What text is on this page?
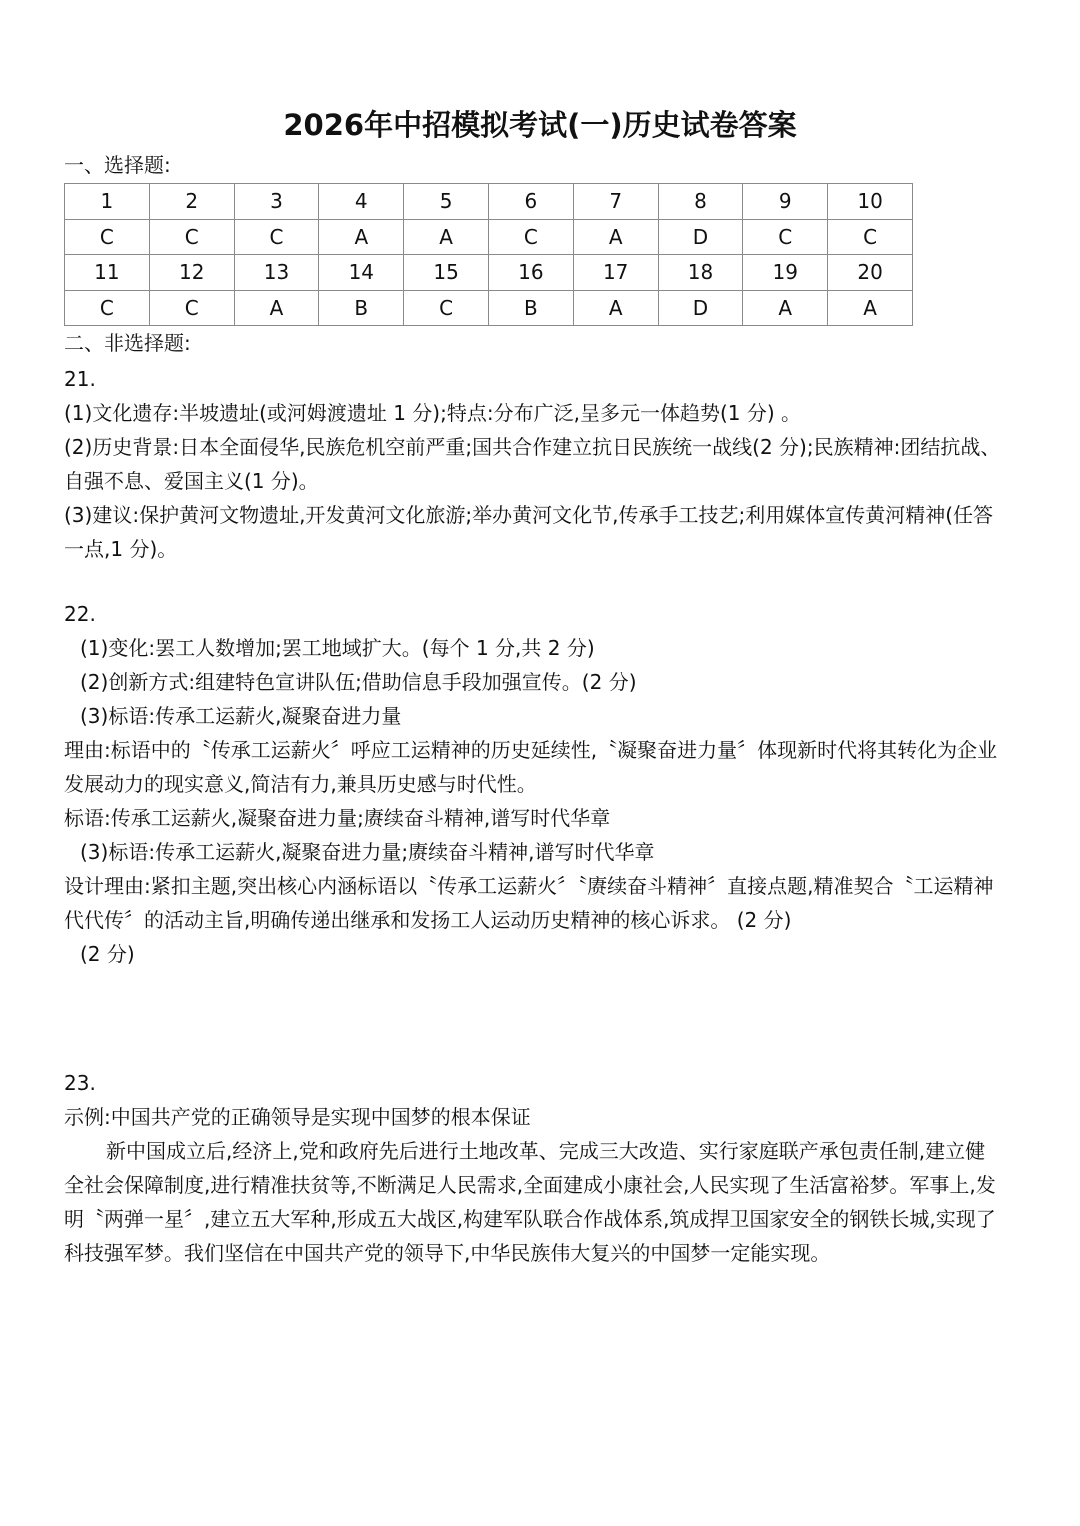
2026年中招模拟考试(一)历史试卷答案
一、选择题:
1	2	3	4	5	6	7	8	9	10
C	C	C	A	A	C	A	D	C	C
11	12	13	14	15	16	17	18	19	20
C	C	A	B	C	B	A	D	A	A
二、非选择题:

21.

(1)文化遗存:半坡遗址(或河姆渡遗址 1 分);特点:分布广泛,呈多元一体趋势(1 分) 。

(2)历史背景:日本全面侵华,民族危机空前严重;国共合作建立抗日民族统一战线(2 分);民族精神:团结抗战、自强不息、爱国主义(1 分)。

(3)建议:保护黄河文物遗址,开发黄河文化旅游;举办黄河文化节,传承手工技艺;利用媒体宣传黄河精神(任答一点,1 分)。

22.

(1)变化:罢工人数增加;罢工地域扩大。(每个 1 分,共 2 分)

(2)创新方式:组建特色宣讲队伍;借助信息手段加强宣传。(2 分)

(3)标语:传承工运薪火,凝聚奋进力量

理由:标语中的〝传承工运薪火〞呼应工运精神的历史延续性,〝凝聚奋进力量〞体现新时代将其转化为企业发展动力的现实意义,简洁有力,兼具历史感与时代性。

标语:传承工运薪火,凝聚奋进力量;赓续奋斗精神,谱写时代华章

(3)标语:传承工运薪火,凝聚奋进力量;赓续奋斗精神,谱写时代华章

设计理由:紧扣主题,突出核心内涵标语以〝传承工运薪火〞〝赓续奋斗精神〞直接点题,精准契合〝工运精神代代传〞的活动主旨,明确传递出继承和发扬工人运动历史精神的核心诉求。 (2 分)

(2 分)

23.

示例:中国共产党的正确领导是实现中国梦的根本保证

新中国成立后,经济上,党和政府先后进行土地改革、完成三大改造、实行家庭联产承包责任制,建立健全社会保障制度,进行精准扶贫等,不断满足人民需求,全面建成小康社会,人民实现了生活富裕梦。军事上,发明〝两弹一星〞,建立五大军种,形成五大战区,构建军队联合作战体系,筑成捍卫国家安全的钢铁长城,实现了科技强军梦。我们坚信在中国共产党的领导下,中华民族伟大复兴的中国梦一定能实现。
